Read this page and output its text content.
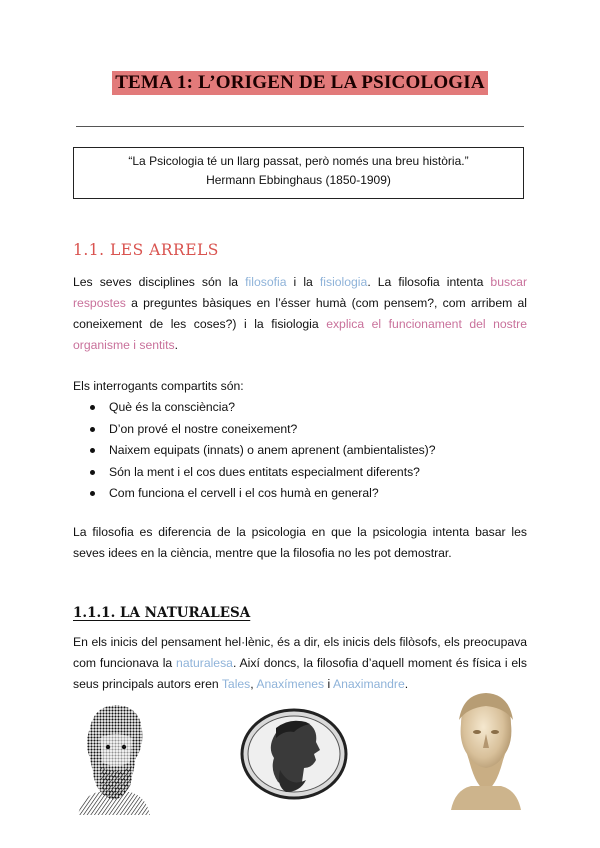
TEMA 1: L’ORIGEN DE LA PSICOLOGIA
“La Psicologia té un llarg passat, però només una breu història.”
Hermann Ebbinghaus (1850-1909)
1.1. LES ARRELS
Les seves disciplines són la filosofia i la fisiologia. La filosofia intenta buscar respostes a preguntes bàsiques en l’ésser humà (com pensem?, com arribem al coneixement de les coses?) i la fisiologia explica el funcionament del nostre organisme i sentits.
Els interrogants compartits són:
Què és la consciència?
D’on prové el nostre coneixement?
Naixem equipats (innats) o anem aprenent (ambientalistes)?
Són la ment i el cos dues entitats especialment diferents?
Com funciona el cervell i el cos humà en general?
La filosofia es diferencia de la psicologia en que la psicologia intenta basar les seves idees en la ciència, mentre que la filosofia no les pot demostrar.
1.1.1. LA NATURALESA
En els inicis del pensament hel·lènic, és a dir, els inicis dels filòsofs, els preocupava com funcionava la naturalesa. Així doncs, la filosofia d’aquell moment és física i els seus principals autors eren Tales, Anaxímenes i Anaximandre.
